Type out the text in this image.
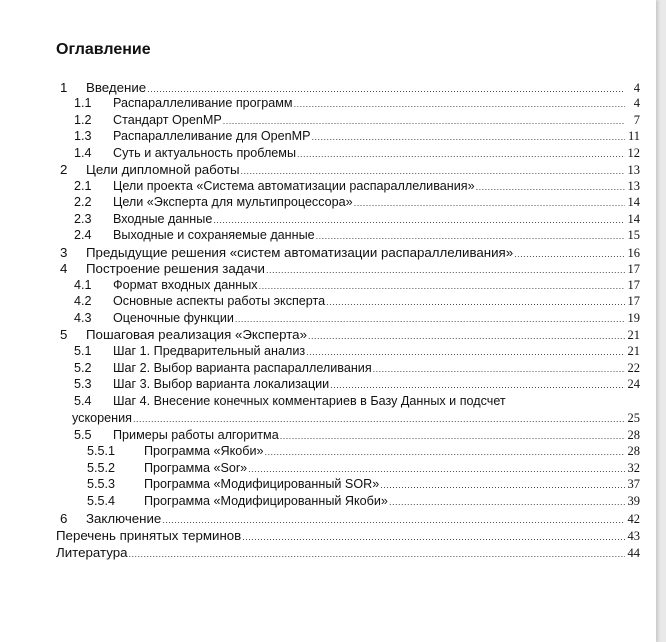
Оглавление
1 Введение .....	4
1.1 Распараллеливание программ .....	4
1.2 Стандарт OpenMP .....	7
1.3 Распараллеливание для OpenMP .....	11
1.4 Суть и актуальность проблемы .....	12
2 Цели дипломной работы .....	13
2.1 Цели проекта «Система автоматизации распараллеливания» .....	13
2.2 Цели «Эксперта для мультипроцессора» .....	14
2.3 Входные данные .....	14
2.4 Выходные и сохраняемые данные .....	15
3 Предыдущие решения «систем автоматизации распараллеливания» .....	16
4 Построение решения задачи .....	17
4.1 Формат входных данных .....	17
4.2 Основные аспекты работы эксперта .....	17
4.3 Оценочные функции .....	19
5 Пошаговая реализация «Эксперта» .....	21
5.1 Шаг 1. Предварительный анализ .....	21
5.2 Шаг 2. Выбор варианта распараллеливания .....	22
5.3 Шаг 3. Выбор варианта локализации .....	24
5.4 Шаг 4. Внесение конечных комментариев в Базу Данных и подсчет
ускорения .....	25
5.5 Примеры работы алгоритма .....	28
5.5.1 Программа «Якоби» .....	28
5.5.2 Программа «Sor» .....	32
5.5.3 Программа «Модифицированный SOR» .....	37
5.5.4 Программа «Модифицированный Якоби» .....	39
6 Заключение .....	42
Перечень принятых терминов .....	43
Литература .....	44
